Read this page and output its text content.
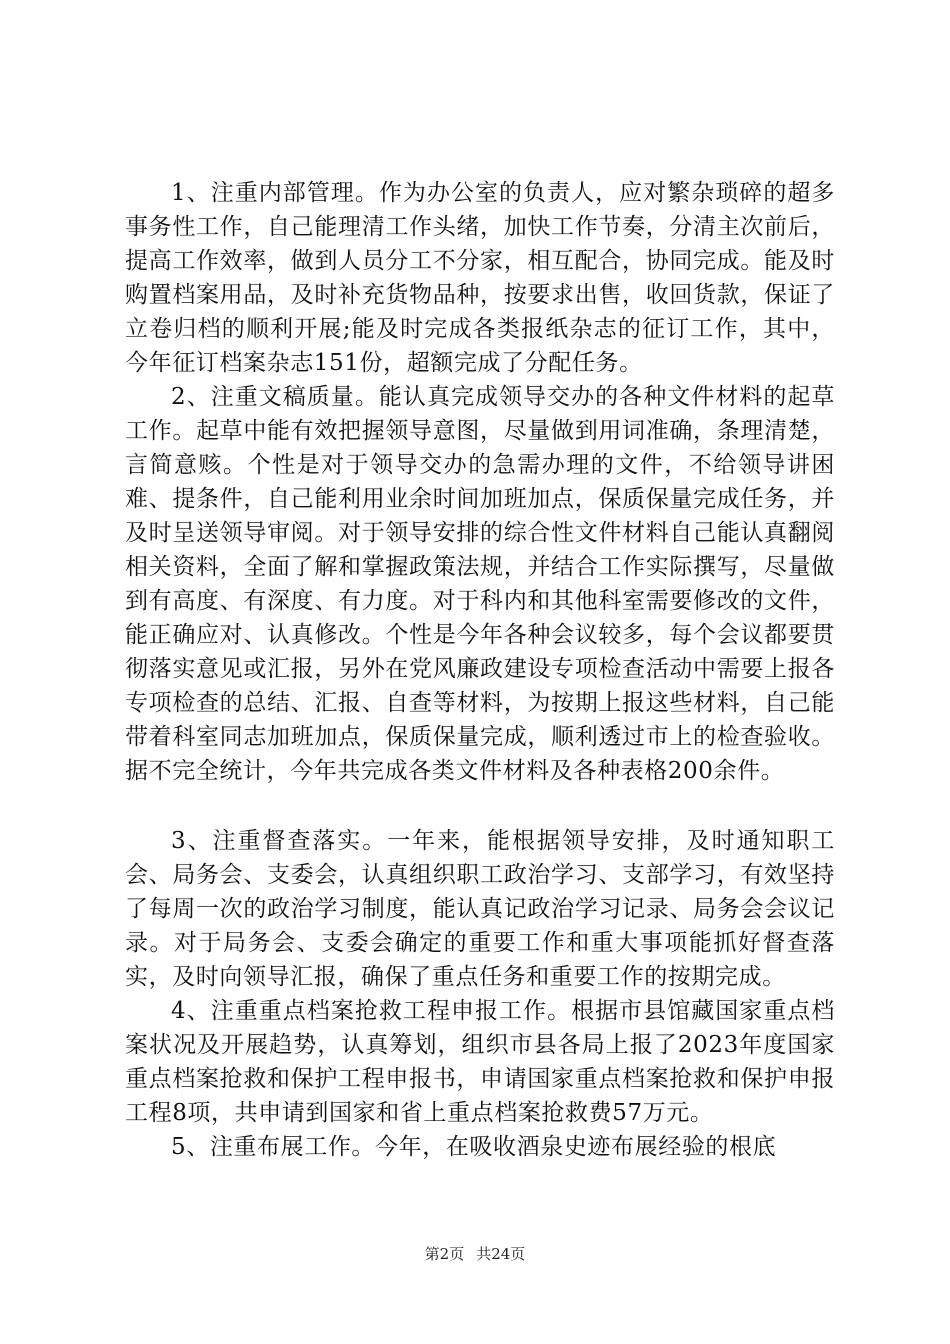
1、注重内部管理。作为办公室的负责人，应对繁杂琐碎的超多事务性工作，自己能理清工作头绪，加快工作节奏，分清主次前后，提高工作效率，做到人员分工不分家，相互配合，协同完成。能及时购置档案用品，及时补充货物品种，按要求出售，收回货款，保证了立卷归档的顺利开展;能及时完成各类报纸杂志的征订工作，其中，今年征订档案杂志151份，超额完成了分配任务。

2、注重文稿质量。能认真完成领导交办的各种文件材料的起草工作。起草中能有效把握领导意图，尽量做到用词准确，条理清楚，言简意赅。个性是对于领导交办的急需办理的文件，不给领导讲困难、提条件，自己能利用业余时间加班加点，保质保量完成任务，并及时呈送领导审阅。对于领导安排的综合性文件材料自己能认真翻阅相关资料，全面了解和掌握政策法规，并结合工作实际撰写，尽量做到有高度、有深度、有力度。对于科内和其他科室需要修改的文件，能正确应对、认真修改。个性是今年各种会议较多，每个会议都要贯彻落实意见或汇报，另外在党风廉政建设专项检查活动中需要上报各专项检查的总结、汇报、自查等材料，为按期上报这些材料，自己能带着科室同志加班加点，保质保量完成，顺利透过市上的检查验收。据不完全统计，今年共完成各类文件材料及各种表格200余件。

3、注重督查落实。一年来，能根据领导安排，及时通知职工会、局务会、支委会，认真组织职工政治学习、支部学习，有效坚持了每周一次的政治学习制度，能认真记政治学习记录、局务会会议记录。对于局务会、支委会确定的重要工作和重大事项能抓好督查落实，及时向领导汇报，确保了重点任务和重要工作的按期完成。

4、注重重点档案抢救工程申报工作。根据市县馆藏国家重点档案状况及开展趋势，认真筹划，组织市县各局上报了2023年度国家重点档案抢救和保护工程申报书，申请国家重点档案抢救和保护申报工程8项，共申请到国家和省上重点档案抢救费57万元。

5、注重布展工作。今年，在吸收酒泉史迹布展经验的根底

第2页 共24页
